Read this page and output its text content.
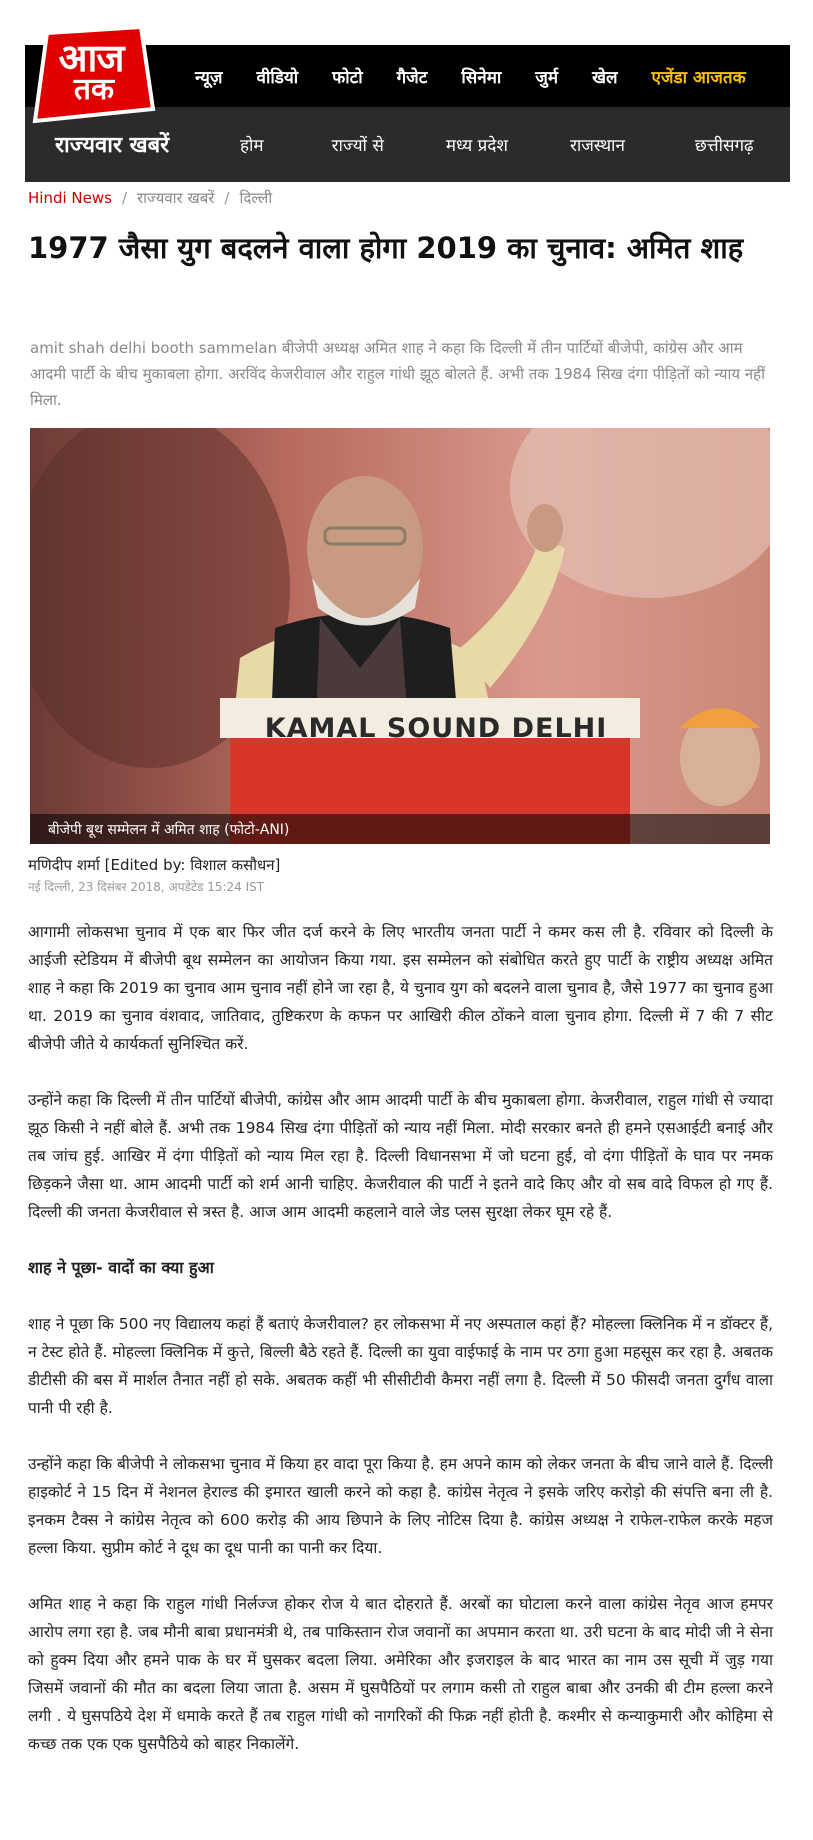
आज
तक	न्यूज़ वीडियो फोटो गैजेट सिनेमा जुर्म खेल एजेंडा आजतक
राज्यवार खबरें	होम	राज्यों से	मध्य प्रदेश	राजस्थान	छत्तीसगढ़
Hindi News / राज्यवार खबरें / दिल्ली
1977 जैसा युग बदलने वाला होगा 2019 का चुनाव: अमित शाह

amit shah delhi booth sammelan बीजेपी अध्यक्ष अमित शाह ने कहा कि दिल्ली में तीन पार्टियों बीजेपी, कांग्रेस और आम आदमी पार्टी के बीच मुकाबला होगा. अरविंद केजरीवाल और राहुल गांधी झूठ बोलते हैं. अभी तक 1984 सिख दंगा पीड़ितों को न्याय नहीं मिला.

KAMAL SOUND DELHI
बीजेपी बूथ सम्मेलन में अमित शाह (फोटो-ANI)
मणिदीप शर्मा [Edited by: विशाल कसौधन]
नई दिल्ली, 23 दिसंबर 2018, अपडेटेड 15:24 IST

आगामी लोकसभा चुनाव में एक बार फिर जीत दर्ज करने के लिए भारतीय जनता पार्टी ने कमर कस ली है. रविवार को दिल्ली के आईजी स्टेडियम में बीजेपी बूथ सम्मेलन का आयोजन किया गया. इस सम्मेलन को संबोधित करते हुए पार्टी के राष्ट्रीय अध्यक्ष अमित शाह ने कहा कि 2019 का चुनाव आम चुनाव नहीं होने जा रहा है, ये चुनाव युग को बदलने वाला चुनाव है, जैसे 1977 का चुनाव हुआ था. 2019 का चुनाव वंशवाद, जातिवाद, तुष्टिकरण के कफन पर आखिरी कील ठोंकने वाला चुनाव होगा. दिल्ली में 7 की 7 सीट बीजेपी जीते ये कार्यकर्ता सुनिश्चित करें.

उन्होंने कहा कि दिल्ली में तीन पार्टियों बीजेपी, कांग्रेस और आम आदमी पार्टी के बीच मुकाबला होगा. केजरीवाल, राहुल गांधी से ज्यादा झूठ किसी ने नहीं बोले हैं. अभी तक 1984 सिख दंगा पीड़ितों को न्याय नहीं मिला. मोदी सरकार बनते ही हमने एसआईटी बनाई और तब जांच हुई. आखिर में दंगा पीड़ितों को न्याय मिल रहा है. दिल्ली विधानसभा में जो घटना हुई, वो दंगा पीड़ितों के घाव पर नमक छिड़कने जैसा था. आम आदमी पार्टी को शर्म आनी चाहिए. केजरीवाल की पार्टी ने इतने वादे किए और वो सब वादे विफल हो गए हैं. दिल्ली की जनता केजरीवाल से त्रस्त है. आज आम आदमी कहलाने वाले जेड प्लस सुरक्षा लेकर घूम रहे हैं.

शाह ने पूछा- वादों का क्या हुआ

शाह ने पूछा कि 500 नए विद्यालय कहां हैं बताएं केजरीवाल? हर लोकसभा में नए अस्पताल कहां हैं? मोहल्ला क्लिनिक में न डॉक्टर हैं, न टेस्ट होते हैं. मोहल्ला क्लिनिक में कुत्ते, बिल्ली बैठे रहते हैं. दिल्ली का युवा वाईफाई के नाम पर ठगा हुआ महसूस कर रहा है. अबतक डीटीसी की बस में मार्शल तैनात नहीं हो सके. अबतक कहीं भी सीसीटीवी कैमरा नहीं लगा है. दिल्ली में 50 फीसदी जनता दुर्गंध वाला पानी पी रही है.

उन्होंने कहा कि बीजेपी ने लोकसभा चुनाव में किया हर वादा पूरा किया है. हम अपने काम को लेकर जनता के बीच जाने वाले हैं. दिल्ली हाइकोर्ट ने 15 दिन में नेशनल हेराल्ड की इमारत खाली करने को कहा है. कांग्रेस नेतृत्व ने इसके जरिए करोड़ो की संपत्ति बना ली है. इनकम टैक्स ने कांग्रेस नेतृत्व को 600 करोड़ की आय छिपाने के लिए नोटिस दिया है. कांग्रेस अध्यक्ष ने राफेल-राफेल करके महज हल्ला किया. सुप्रीम कोर्ट ने दूध का दूध पानी का पानी कर दिया.

अमित शाह ने कहा कि राहुल गांधी निर्लज्ज होकर रोज ये बात दोहराते हैं. अरबों का घोटाला करने वाला कांग्रेस नेतृव आज हमपर आरोप लगा रहा है. जब मौनी बाबा प्रधानमंत्री थे, तब पाकिस्तान रोज जवानों का अपमान करता था. उरी घटना के बाद मोदी जी ने सेना को हुक्म दिया और हमने पाक के घर में घुसकर बदला लिया. अमेरिका और इजराइल के बाद भारत का नाम उस सूची में जुड़ गया जिसमें जवानों की मौत का बदला लिया जाता है. असम में घुसपैठियों पर लगाम कसी तो राहुल बाबा और उनकी बी टीम हल्ला करने लगी . ये घुसपठिये देश में धमाके करते हैं तब राहुल गांधी को नागरिकों की फिक्र नहीं होती है. कश्मीर से कन्याकुमारी और कोहिमा से कच्छ तक एक एक घुसपैठिये को बाहर निकालेंगे.
